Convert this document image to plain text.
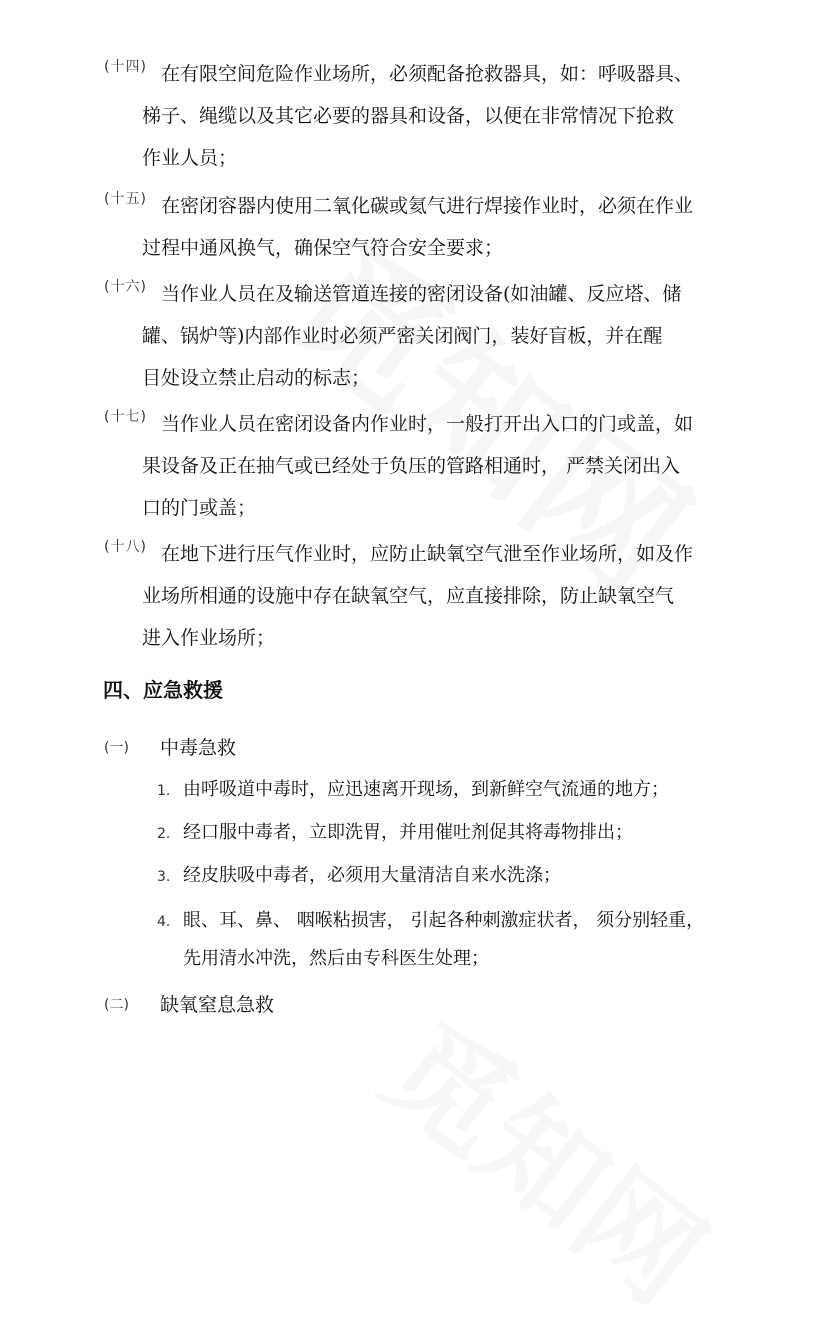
(十四) 在有限空间危险作业场所，必须配备抢救器具，如：呼吸器具、
梯子、绳缆以及其它必要的器具和设备，以便在非常情况下抢救
作业人员；
(十五) 在密闭容器内使用二氧化碳或氦气进行焊接作业时，必须在作业
过程中通风换气，确保空气符合安全要求；
(十六) 当作业人员在及输送管道连接的密闭设备(如油罐、反应塔、储
罐、锅炉等)内部作业时必须严密关闭阀门，装好盲板，并在醒
目处设立禁止启动的标志；
(十七) 当作业人员在密闭设备内作业时，一般打开出入口的门或盖，如
果设备及正在抽气或已经处于负压的管路相通时， 严禁关闭出入
口的门或盖；
(十八) 在地下进行压气作业时，应防止缺氧空气泄至作业场所，如及作
业场所相通的设施中存在缺氧空气，应直接排除，防止缺氧空气
进入作业场所；
四、应急救援
(一) 中毒急救
1. 由呼吸道中毒时，应迅速离开现场，到新鲜空气流通的地方；
2. 经口服中毒者，立即洗胃，并用催吐剂促其将毒物排出；
3. 经皮肤吸中毒者，必须用大量清洁自来水洗涤；
4. 眼、耳、鼻、 咽喉粘损害， 引起各种刺激症状者， 须分别轻重，
先用清水冲洗，然后由专科医生处理；
(二) 缺氧窒息急救
